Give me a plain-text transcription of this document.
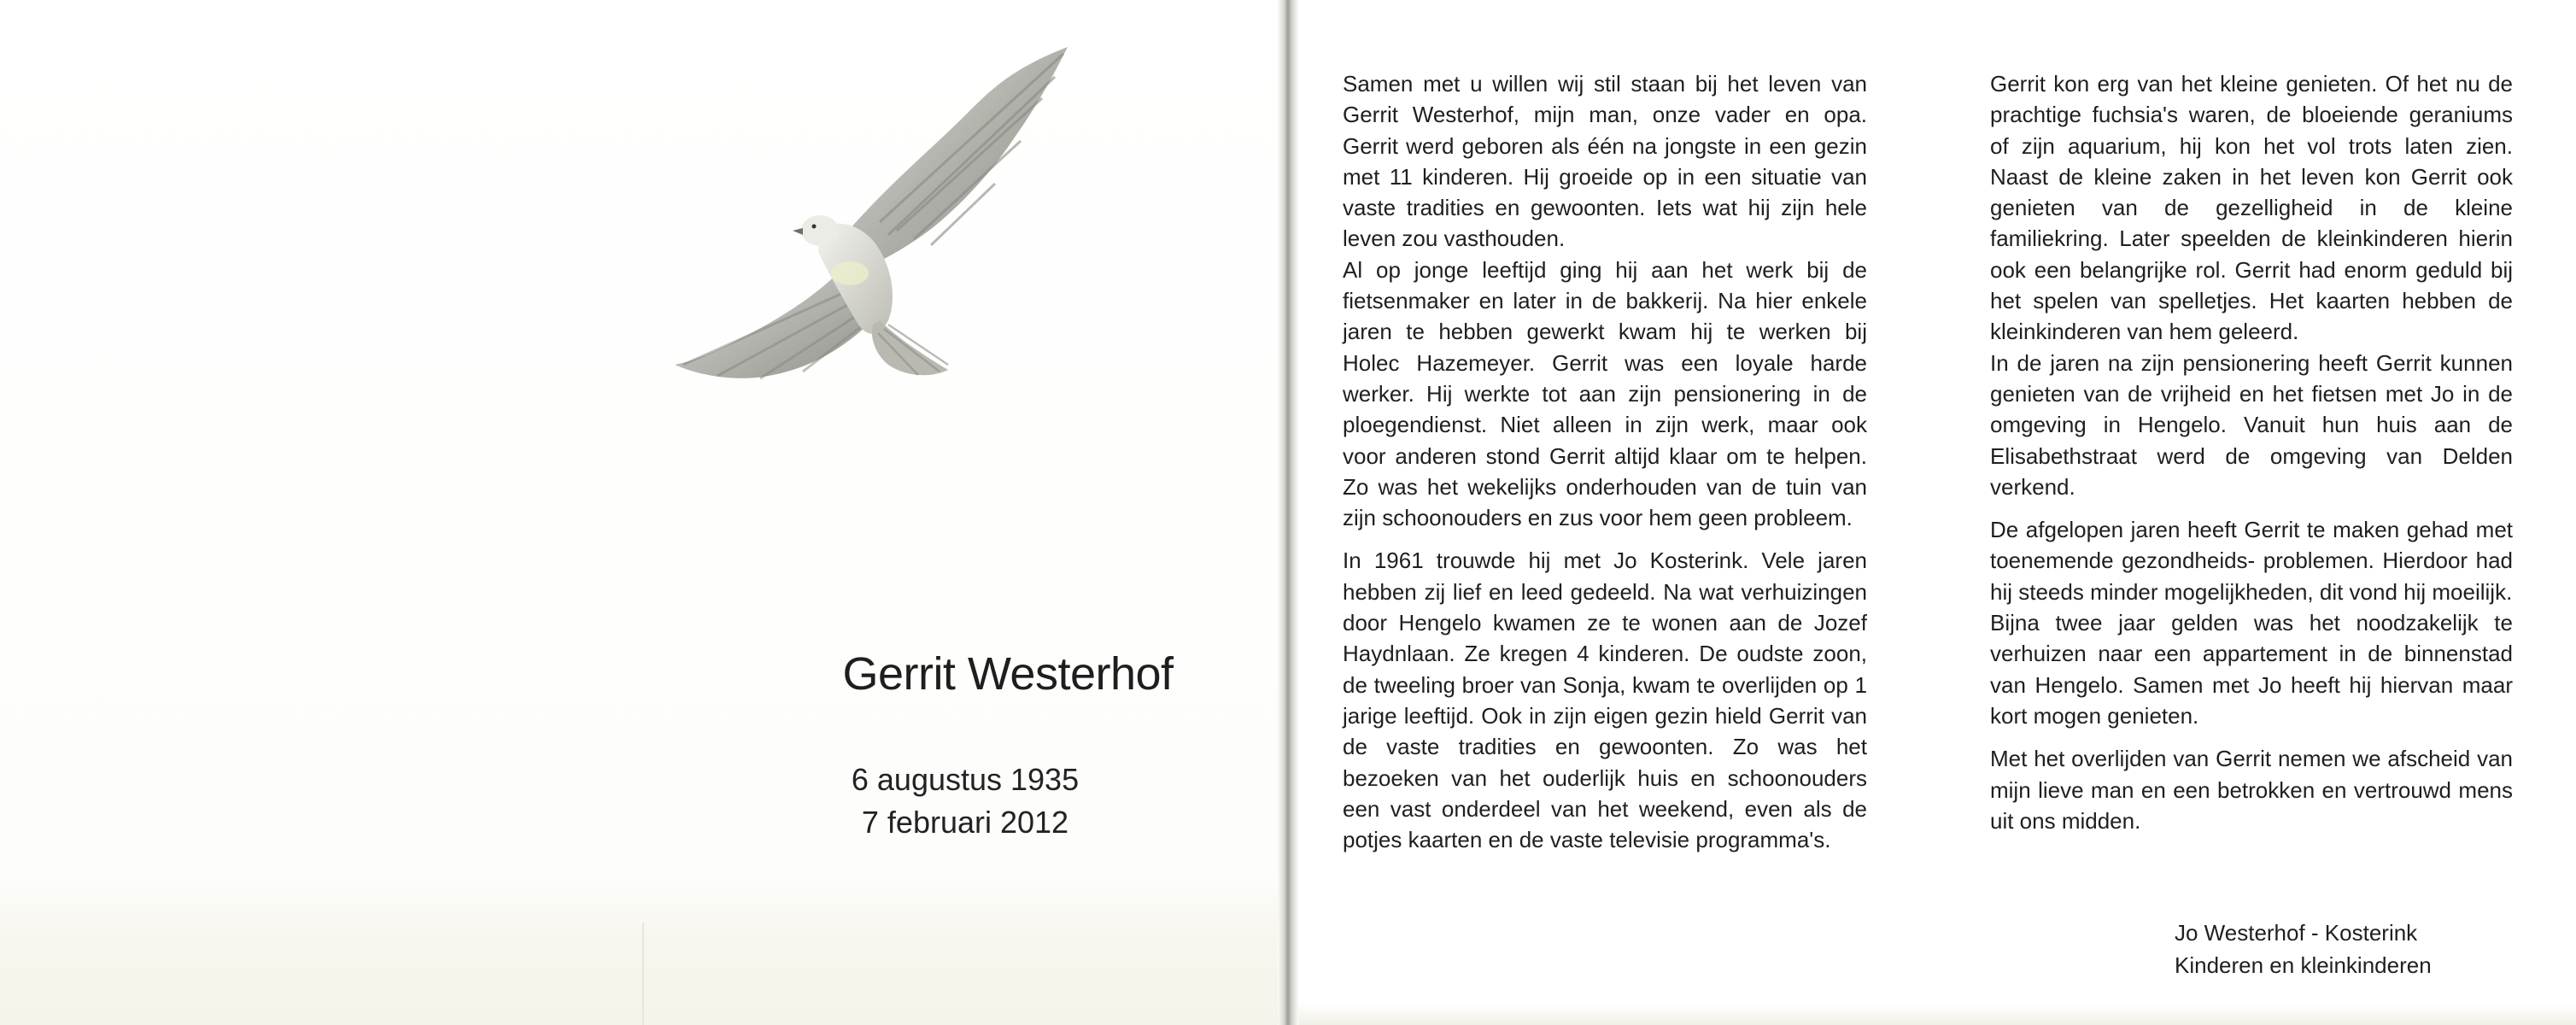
Gerrit Westerhof
6 augustus 1935
7 februari 2012

Samen met u willen wij stil staan bij het leven van Gerrit Westerhof, mijn man, onze vader en opa. Gerrit werd geboren als één na jongste in een gezin met 11 kinderen. Hij groeide op in een situatie van vaste tradities en gewoonten. Iets wat hij zijn hele leven zou vasthouden.

Al op jonge leeftijd ging hij aan het werk bij de fietsenmaker en later in de bakkerij. Na hier enkele jaren te hebben gewerkt kwam hij te werken bij Holec Hazemeyer. Gerrit was een loyale harde werker. Hij werkte tot aan zijn pensionering in de ploegendienst. Niet alleen in zijn werk, maar ook voor anderen stond Gerrit altijd klaar om te helpen. Zo was het wekelijks onderhouden van de tuin van zijn schoonouders en zus voor hem geen probleem.

In 1961 trouwde hij met Jo Kosterink. Vele jaren hebben zij lief en leed gedeeld. Na wat verhuizingen door Hengelo kwamen ze te wonen aan de Jozef Haydnlaan. Ze kregen 4 kinderen. De oudste zoon, de tweeling broer van Sonja, kwam te overlijden op 1 jarige leeftijd. Ook in zijn eigen gezin hield Gerrit van de vaste tradities en gewoonten. Zo was het bezoeken van het ouderlijk huis en schoonouders een vast onderdeel van het weekend, even als de potjes kaarten en de vaste televisie programma's.

Gerrit kon erg van het kleine genieten. Of het nu de prachtige fuchsia's waren, de bloeiende geraniums of zijn aquarium, hij kon het vol trots laten zien. Naast de kleine zaken in het leven kon Gerrit ook genieten van de gezelligheid in de kleine familiekring. Later speelden de kleinkinderen hierin ook een belangrijke rol. Gerrit had enorm geduld bij het spelen van spelletjes. Het kaarten hebben de kleinkinderen van hem geleerd.

In de jaren na zijn pensionering heeft Gerrit kunnen genieten van de vrijheid en het fietsen met Jo in de omgeving in Hengelo. Vanuit hun huis aan de Elisabethstraat werd de omgeving van Delden verkend.

De afgelopen jaren heeft Gerrit te maken gehad met toenemende gezondheids- problemen. Hierdoor had hij steeds minder mogelijkheden, dit vond hij moeilijk.

Bijna twee jaar gelden was het noodzakelijk te verhuizen naar een appartement in de binnenstad van Hengelo. Samen met Jo heeft hij hiervan maar kort mogen genieten.

Met het overlijden van Gerrit nemen we afscheid van mijn lieve man en een betrokken en vertrouwd mens uit ons midden.

Jo Westerhof - Kosterink
Kinderen en kleinkinderen
